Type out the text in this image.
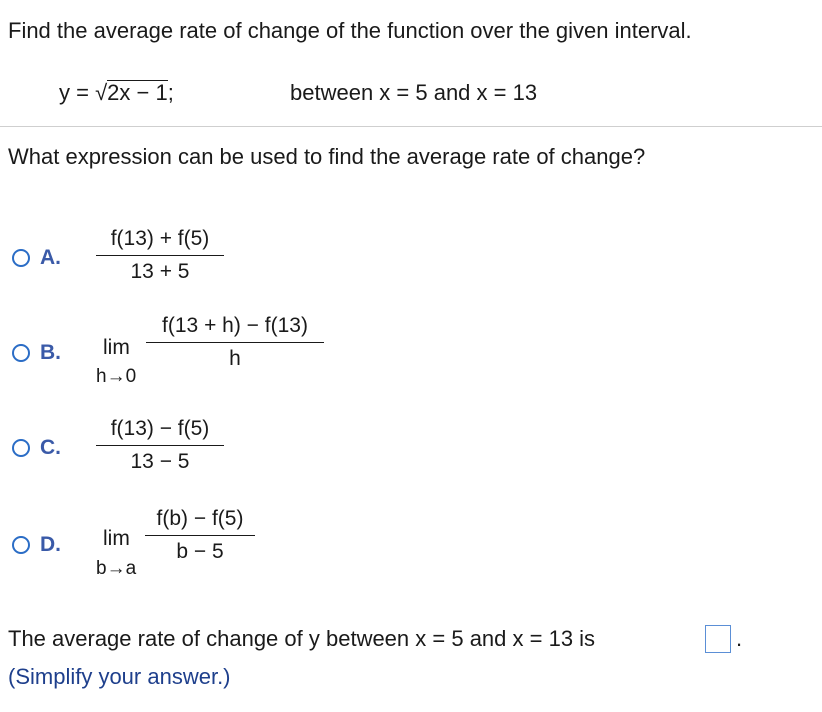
Find the average rate of change of the function over the given interval.
y = √2x − 1;	between x = 5 and x = 13
What expression can be used to find the average rate of change?
A.
f(13) + f(5)
13 + 5
B. lim
h→0
f(13 + h) − f(13)
h
C.
f(13) − f(5)
13 − 5
D. lim
b→a
f(b) − f(5)
b − 5
The average rate of change of y between x = 5 and x = 13 is	.
(Simplify your answer.)
